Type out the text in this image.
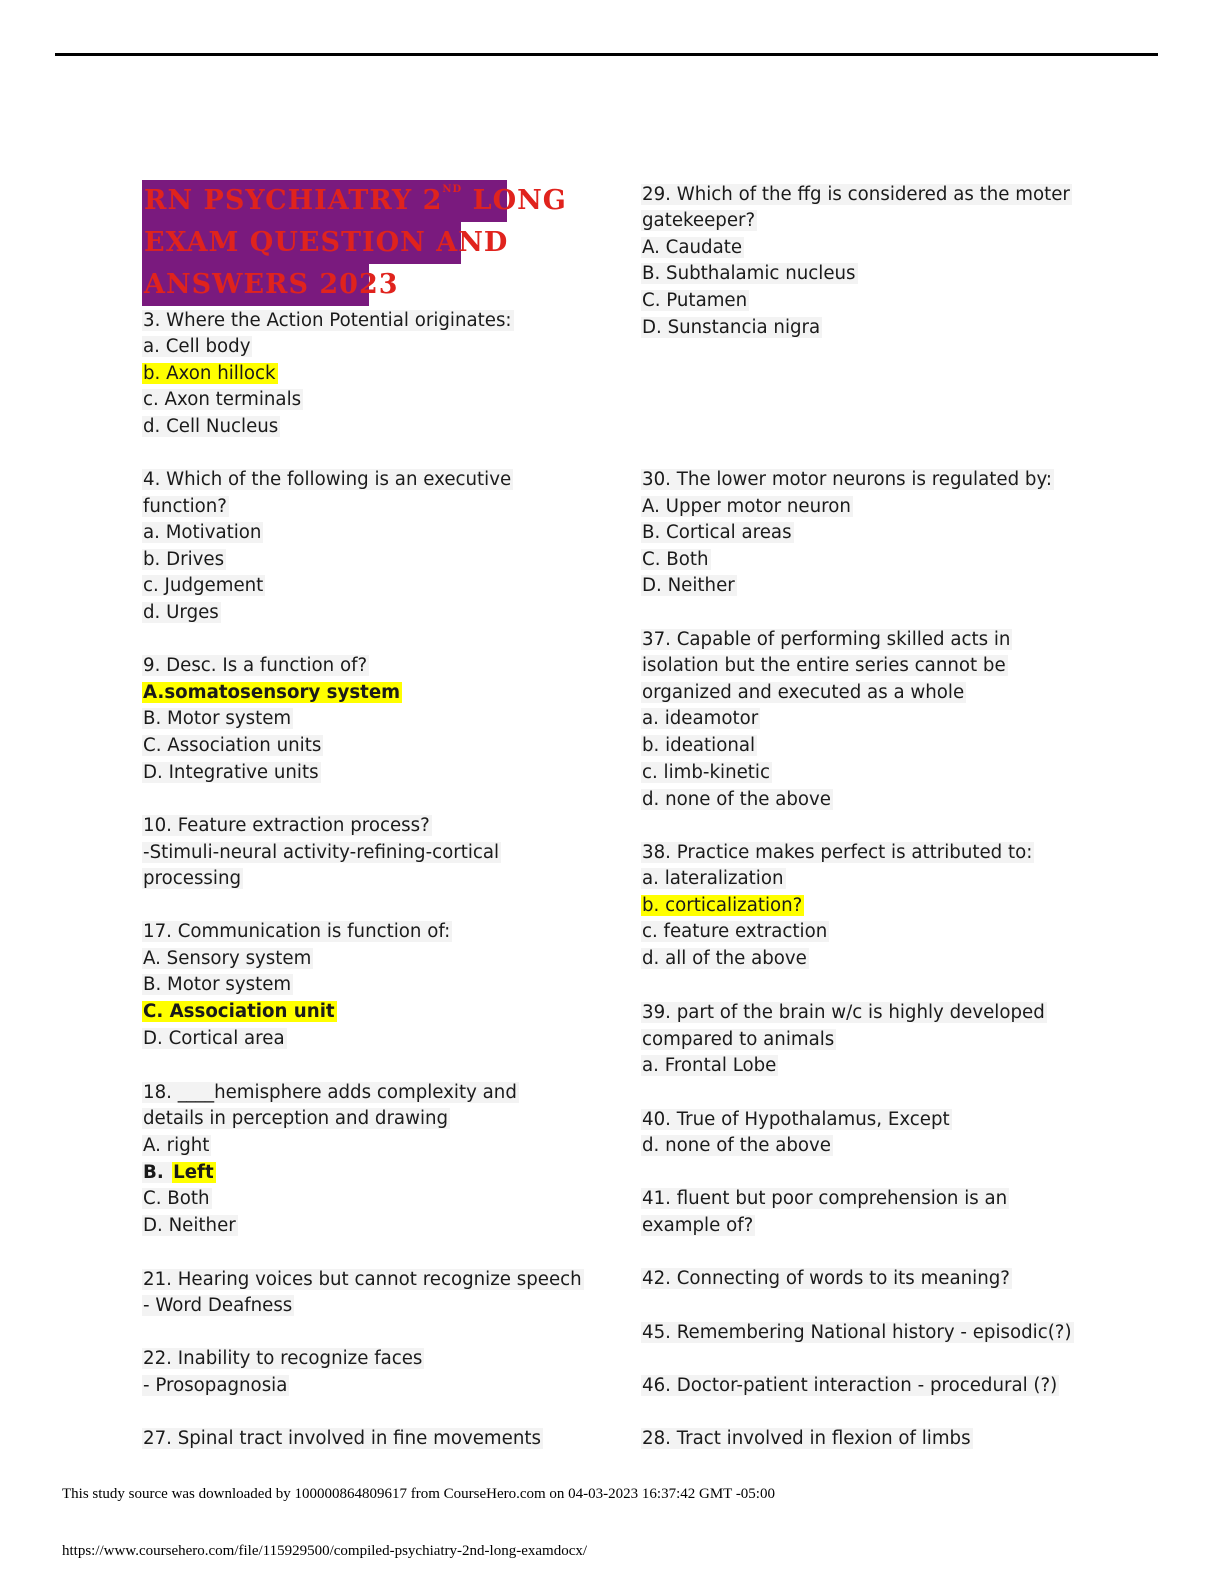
RN PSYCHIATRY 2ND LONG
EXAM QUESTION AND
ANSWERS 2023
3. Where the Action Potential originates:
a. Cell body
b. Axon hillock
c. Axon terminals
d. Cell Nucleus
4. Which of the following is an executive
function?
a. Motivation
b. Drives
c. Judgement
d. Urges
9. Desc. Is a function of?
A.somatosensory system
B. Motor system
C. Association units
D. Integrative units
10. Feature extraction process?
-Stimuli-neural activity-refining-cortical
processing
17. Communication is function of:
A. Sensory system
B. Motor system
C. Association unit
D. Cortical area
18. ____hemisphere adds complexity and
details in perception and drawing
A. right
B. Left
C. Both
D. Neither
21. Hearing voices but cannot recognize speech
- Word Deafness
22. Inability to recognize faces
- Prosopagnosia
27. Spinal tract involved in fine movements
29. Which of the ffg is considered as the moter
gatekeeper?
A. Caudate
B. Subthalamic nucleus
C. Putamen
D. Sunstancia nigra
30. The lower motor neurons is regulated by:
A. Upper motor neuron
B. Cortical areas
C. Both
D. Neither
37. Capable of performing skilled acts in
isolation but the entire series cannot be
organized and executed as a whole
a. ideamotor
b. ideational
c. limb-kinetic
d. none of the above
38. Practice makes perfect is attributed to:
a. lateralization
b. corticalization?
c. feature extraction
d. all of the above
39. part of the brain w/c is highly developed
compared to animals
a. Frontal Lobe
40. True of Hypothalamus, Except
d. none of the above
41. fluent but poor comprehension is an
example of?
42. Connecting of words to its meaning?
45. Remembering National history - episodic(?)
46. Doctor-patient interaction - procedural (?)
28. Tract involved in flexion of limbs
This study source was downloaded by 100000864809617 from CourseHero.com on 04-03-2023 16:37:42 GMT -05:00
https://www.coursehero.com/file/115929500/compiled-psychiatry-2nd-long-examdocx/
